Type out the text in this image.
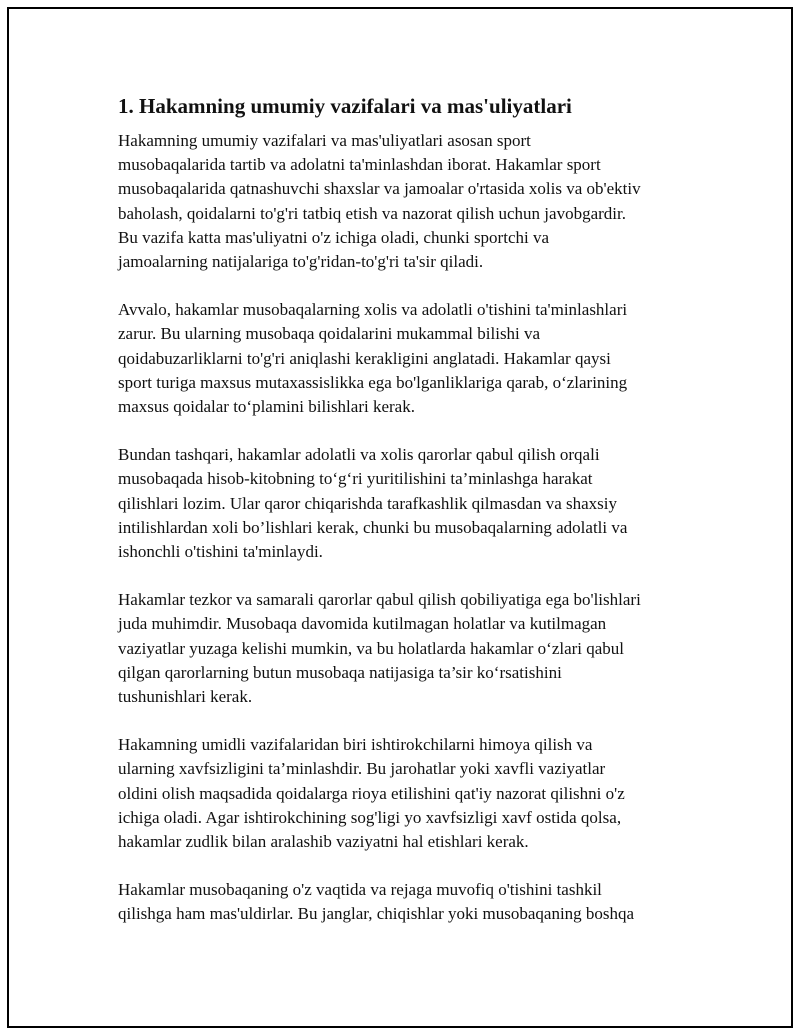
1. Hakamning umumiy vazifalari va mas'uliyatlari

Hakamning umumiy vazifalari va mas'uliyatlari asosan sport
musobaqalarida tartib va adolatni ta'minlashdan iborat. Hakamlar sport
musobaqalarida qatnashuvchi shaxslar va jamoalar o'rtasida xolis va ob'ektiv
baholash, qoidalarni to'g'ri tatbiq etish va nazorat qilish uchun javobgardir.
Bu vazifa katta mas'uliyatni o'z ichiga oladi, chunki sportchi va
jamoalarning natijalariga to'g'ridan-to'g'ri ta'sir qiladi.

Avvalo, hakamlar musobaqalarning xolis va adolatli o'tishini ta'minlashlari
zarur. Bu ularning musobaqa qoidalarini mukammal bilishi va
qoidabuzarliklarni to'g'ri aniqlashi kerakligini anglatadi. Hakamlar qaysi
sport turiga maxsus mutaxassislikka ega bo'lganliklariga qarab, o‘zlarining
maxsus qoidalar to‘plamini bilishlari kerak.

Bundan tashqari, hakamlar adolatli va xolis qarorlar qabul qilish orqali
musobaqada hisob-kitobning to‘g‘ri yuritilishini ta’minlashga harakat
qilishlari lozim. Ular qaror chiqarishda tarafkashlik qilmasdan va shaxsiy
intilishlardan xoli bo’lishlari kerak, chunki bu musobaqalarning adolatli va
ishonchli o'tishini ta'minlaydi.

Hakamlar tezkor va samarali qarorlar qabul qilish qobiliyatiga ega bo'lishlari
juda muhimdir. Musobaqa davomida kutilmagan holatlar va kutilmagan
vaziyatlar yuzaga kelishi mumkin, va bu holatlarda hakamlar o‘zlari qabul
qilgan qarorlarning butun musobaqa natijasiga ta’sir ko‘rsatishini
tushunishlari kerak.

Hakamning umidli vazifalaridan biri ishtirokchilarni himoya qilish va
ularning xavfsizligini ta’minlashdir. Bu jarohatlar yoki xavfli vaziyatlar
oldini olish maqsadida qoidalarga rioya etilishini qat'iy nazorat qilishni o'z
ichiga oladi. Agar ishtirokchining sog'ligi yo xavfsizligi xavf ostida qolsa,
hakamlar zudlik bilan aralashib vaziyatni hal etishlari kerak.

Hakamlar musobaqaning o'z vaqtida va rejaga muvofiq o'tishini tashkil
qilishga ham mas'uldirlar. Bu janglar, chiqishlar yoki musobaqaning boshqa
